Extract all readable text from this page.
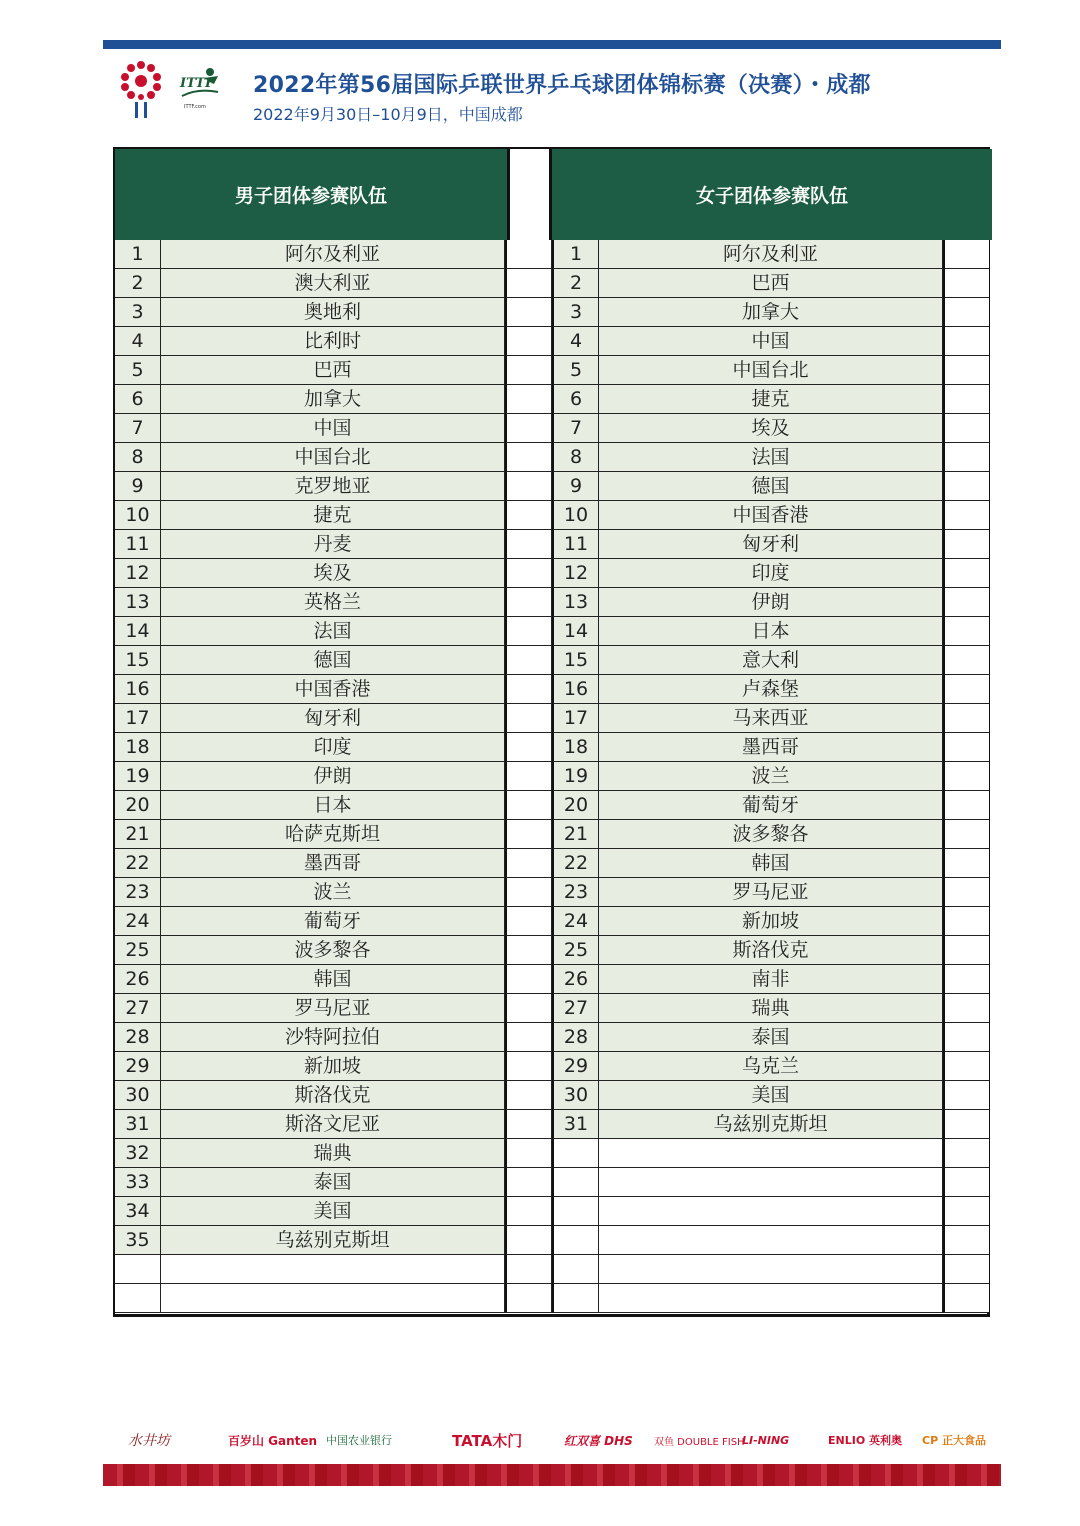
ITTF
ITTF.com
2022年第56届国际乒联世界乒乓球团体锦标赛（决赛）・成都
2022年9月30日–10月9日，中国成都
男子团体参赛队伍	女子团体参赛队伍
1	阿尔及利亚	1	阿尔及利亚
2	澳大利亚	2	巴西
3	奥地利	3	加拿大
4	比利时	4	中国
5	巴西	5	中国台北
6	加拿大	6	捷克
7	中国	7	埃及
8	中国台北	8	法国
9	克罗地亚	9	德国
10	捷克	10	中国香港
11	丹麦	11	匈牙利
12	埃及	12	印度
13	英格兰	13	伊朗
14	法国	14	日本
15	德国	15	意大利
16	中国香港	16	卢森堡
17	匈牙利	17	马来西亚
18	印度	18	墨西哥
19	伊朗	19	波兰
20	日本	20	葡萄牙
21	哈萨克斯坦	21	波多黎各
22	墨西哥	22	韩国
23	波兰	23	罗马尼亚
24	葡萄牙	24	新加坡
25	波多黎各	25	斯洛伐克
26	韩国	26	南非
27	罗马尼亚	27	瑞典
28	沙特阿拉伯	28	泰国
29	新加坡	29	乌克兰
30	斯洛伐克	30	美国
31	斯洛文尼亚	31	乌兹别克斯坦
32	瑞典
33	泰国
34	美国
35	乌兹别克斯坦
水井坊	百岁山 Ganten 中国农业银行	TATA木门	红双喜 DHS 双鱼 DOUBLE FISH
LI-NING	ENLIO 英利奥 CP 正大食品
